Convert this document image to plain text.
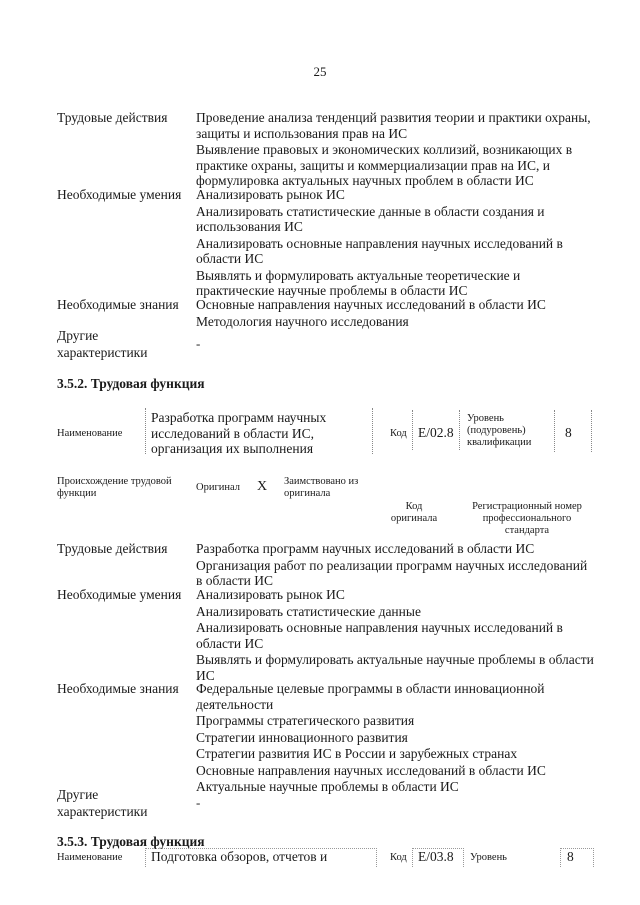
25
Трудовые действия	Проведение анализа тенденций развития теории и практики охраны, защиты и использования прав на ИС
Выявление правовых и экономических коллизий, возникающих в практике охраны, защиты и коммерциализации прав на ИС, и формулировка актуальных научных проблем в области ИС
Необходимые умения	Анализировать рынок ИС
Анализировать статистические данные в области создания и использования ИС
Анализировать основные направления научных исследований в области ИС
Выявлять и формулировать актуальные теоретические и практические научные проблемы в области ИС
Необходимые знания	Основные направления научных исследований в области ИС
Методология научного исследования
Другие
характеристики
-
3.5.2. Трудовая функция
Наименование
Разработка программ научных исследований в области ИС, организация их выполнения
Код E/02.8
Уровень (подуровень) квалификации
8
Происхождение трудовой функции
Оригинал X Заимствовано из оригинала
Код оригинала
Регистрационный номер профессионального стандарта
Трудовые действия	Разработка программ научных исследований в области ИС
Организация работ по реализации программ научных исследований в области ИС
Необходимые умения	Анализировать рынок ИС
Анализировать статистические данные
Анализировать основные направления научных исследований в области ИС
Выявлять и формулировать актуальные научные проблемы в области ИС
Необходимые знания	Федеральные целевые программы в области инновационной деятельности
Программы стратегического развития
Стратегии инновационного развития
Стратегии развития ИС в России и зарубежных странах
Основные направления научных исследований в области ИС
Актуальные научные проблемы в области ИС
Другие
характеристики
-
3.5.3. Трудовая функция
Наименование Подготовка обзоров, отчетов и	Код E/03.8 Уровень	8
